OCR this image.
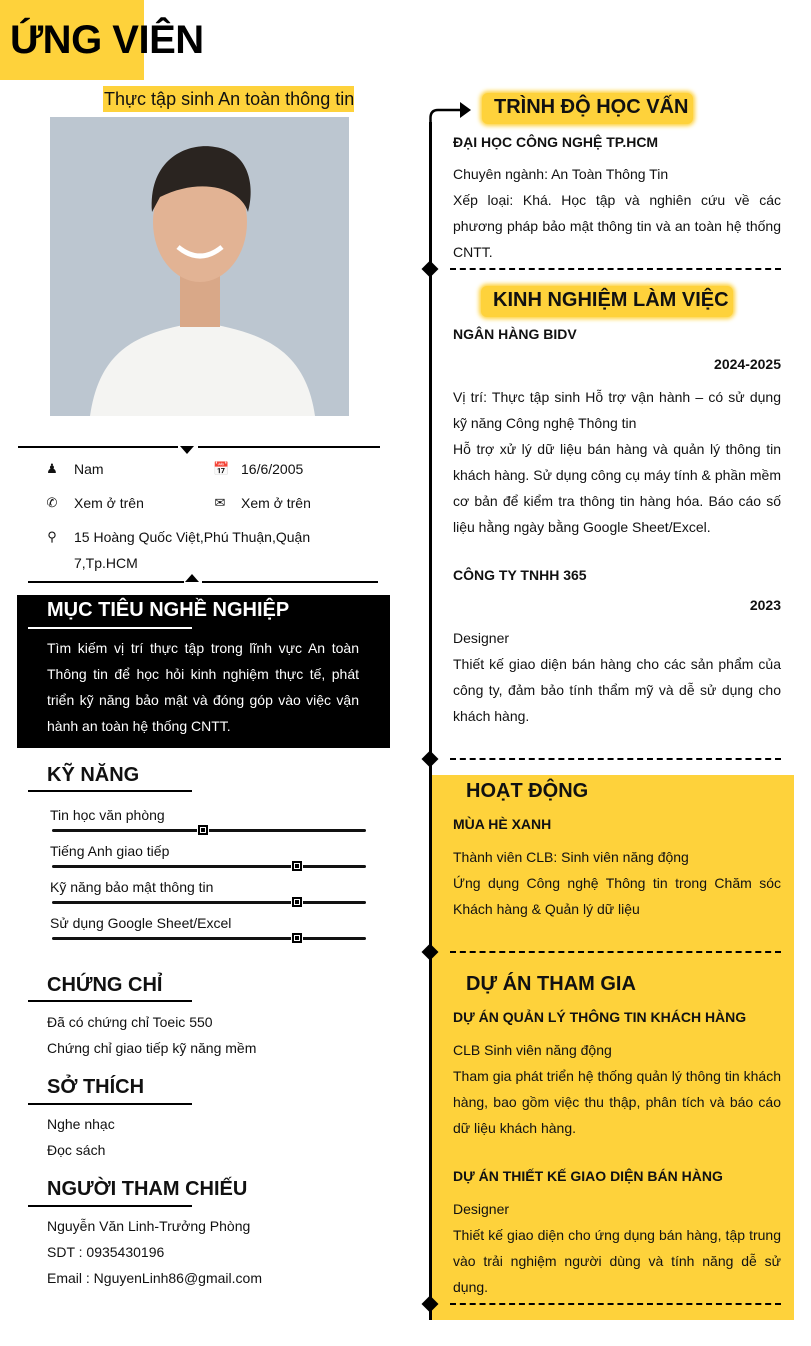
ỨNG VIÊN
Thực tập sinh An toàn thông tin
♟ Nam	📅 16/6/2005
✆ Xem ở trên	✉ Xem ở trên
⚲ 15 Hoàng Quốc Việt,Phú Thuận,Quận 7,Tp.HCM
MỤC TIÊU NGHỀ NGHIỆP
Tìm kiếm vị trí thực tập trong lĩnh vực An toàn Thông tin để học hỏi kinh nghiệm thực tế, phát triển kỹ năng bảo mật và đóng góp vào việc vận hành an toàn hệ thống CNTT.
KỸ NĂNG
Tin học văn phòng
Tiếng Anh giao tiếp
Kỹ năng bảo mật thông tin
Sử dụng Google Sheet/Excel
CHỨNG CHỈ
Đã có chứng chỉ Toeic 550
Chứng chỉ giao tiếp kỹ năng mềm
SỞ THÍCH
Nghe nhạc
Đọc sách
NGƯỜI THAM CHIẾU
Nguyễn Văn Linh-Trưởng Phòng
SDT : 0935430196
Email : NguyenLinh86@gmail.com
TRÌNH ĐỘ HỌC VẤN
ĐẠI HỌC CÔNG NGHỆ TP.HCM
Chuyên ngành: An Toàn Thông Tin
Xếp loại: Khá. Học tập và nghiên cứu về các phương pháp bảo mật thông tin và an toàn hệ thống CNTT.
KINH NGHIỆM LÀM VIỆC
NGÂN HÀNG BIDV
2024-2025
Vị trí: Thực tập sinh Hỗ trợ vận hành – có sử dụng kỹ năng Công nghệ Thông tin
Hỗ trợ xử lý dữ liệu bán hàng và quản lý thông tin khách hàng. Sử dụng công cụ máy tính & phần mềm cơ bản để kiểm tra thông tin hàng hóa. Báo cáo số liệu hằng ngày bằng Google Sheet/Excel.
CÔNG TY TNHH 365
2023
Designer
Thiết kế giao diện bán hàng cho các sản phẩm của công ty, đảm bảo tính thẩm mỹ và dễ sử dụng cho khách hàng.
HOẠT ĐỘNG
MÙA HÈ XANH
Thành viên CLB: Sinh viên năng động
Ứng dụng Công nghệ Thông tin trong Chăm sóc Khách hàng & Quản lý dữ liệu
DỰ ÁN THAM GIA
DỰ ÁN QUẢN LÝ THÔNG TIN KHÁCH HÀNG
CLB Sinh viên năng động
Tham gia phát triển hệ thống quản lý thông tin khách hàng, bao gồm việc thu thập, phân tích và báo cáo dữ liệu khách hàng.
DỰ ÁN THIẾT KẾ GIAO DIỆN BÁN HÀNG
Designer
Thiết kế giao diện cho ứng dụng bán hàng, tập trung vào trải nghiệm người dùng và tính năng dễ sử dụng.
